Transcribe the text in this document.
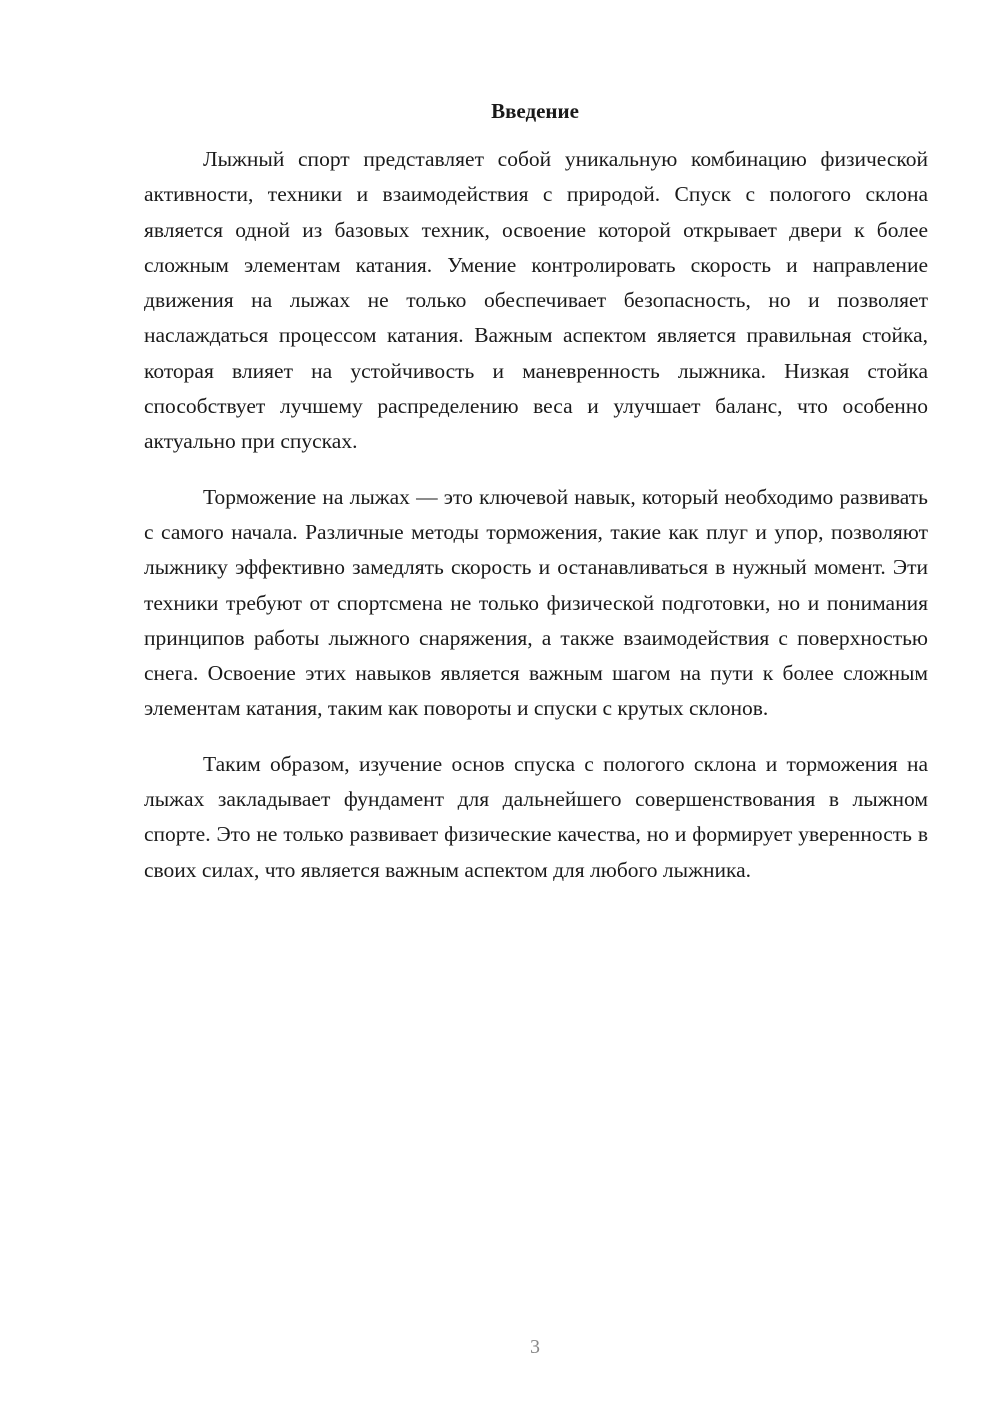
Введение

Лыжный спорт представляет собой уникальную комбинацию физической активности, техники и взаимодействия с природой. Спуск с пологого склона является одной из базовых техник, освоение которой открывает двери к более сложным элементам катания. Умение контролировать скорость и направление движения на лыжах не только обеспечивает безопасность, но и позволяет наслаждаться процессом катания. Важным аспектом является правильная стойка, которая влияет на устойчивость и маневренность лыжника. Низкая стойка способствует лучшему распределению веса и улучшает баланс, что особенно актуально при спусках.

Торможение на лыжах — это ключевой навык, который необходимо развивать с самого начала. Различные методы торможения, такие как плуг и упор, позволяют лыжнику эффективно замедлять скорость и останавливаться в нужный момент. Эти техники требуют от спортсмена не только физической подготовки, но и понимания принципов работы лыжного снаряжения, а также взаимодействия с поверхностью снега. Освоение этих навыков является важным шагом на пути к более сложным элементам катания, таким как повороты и спуски с крутых склонов.

Таким образом, изучение основ спуска с пологого склона и торможения на лыжах закладывает фундамент для дальнейшего совершенствования в лыжном спорте. Это не только развивает физические качества, но и формирует уверенность в своих силах, что является важным аспектом для любого лыжника.

3
